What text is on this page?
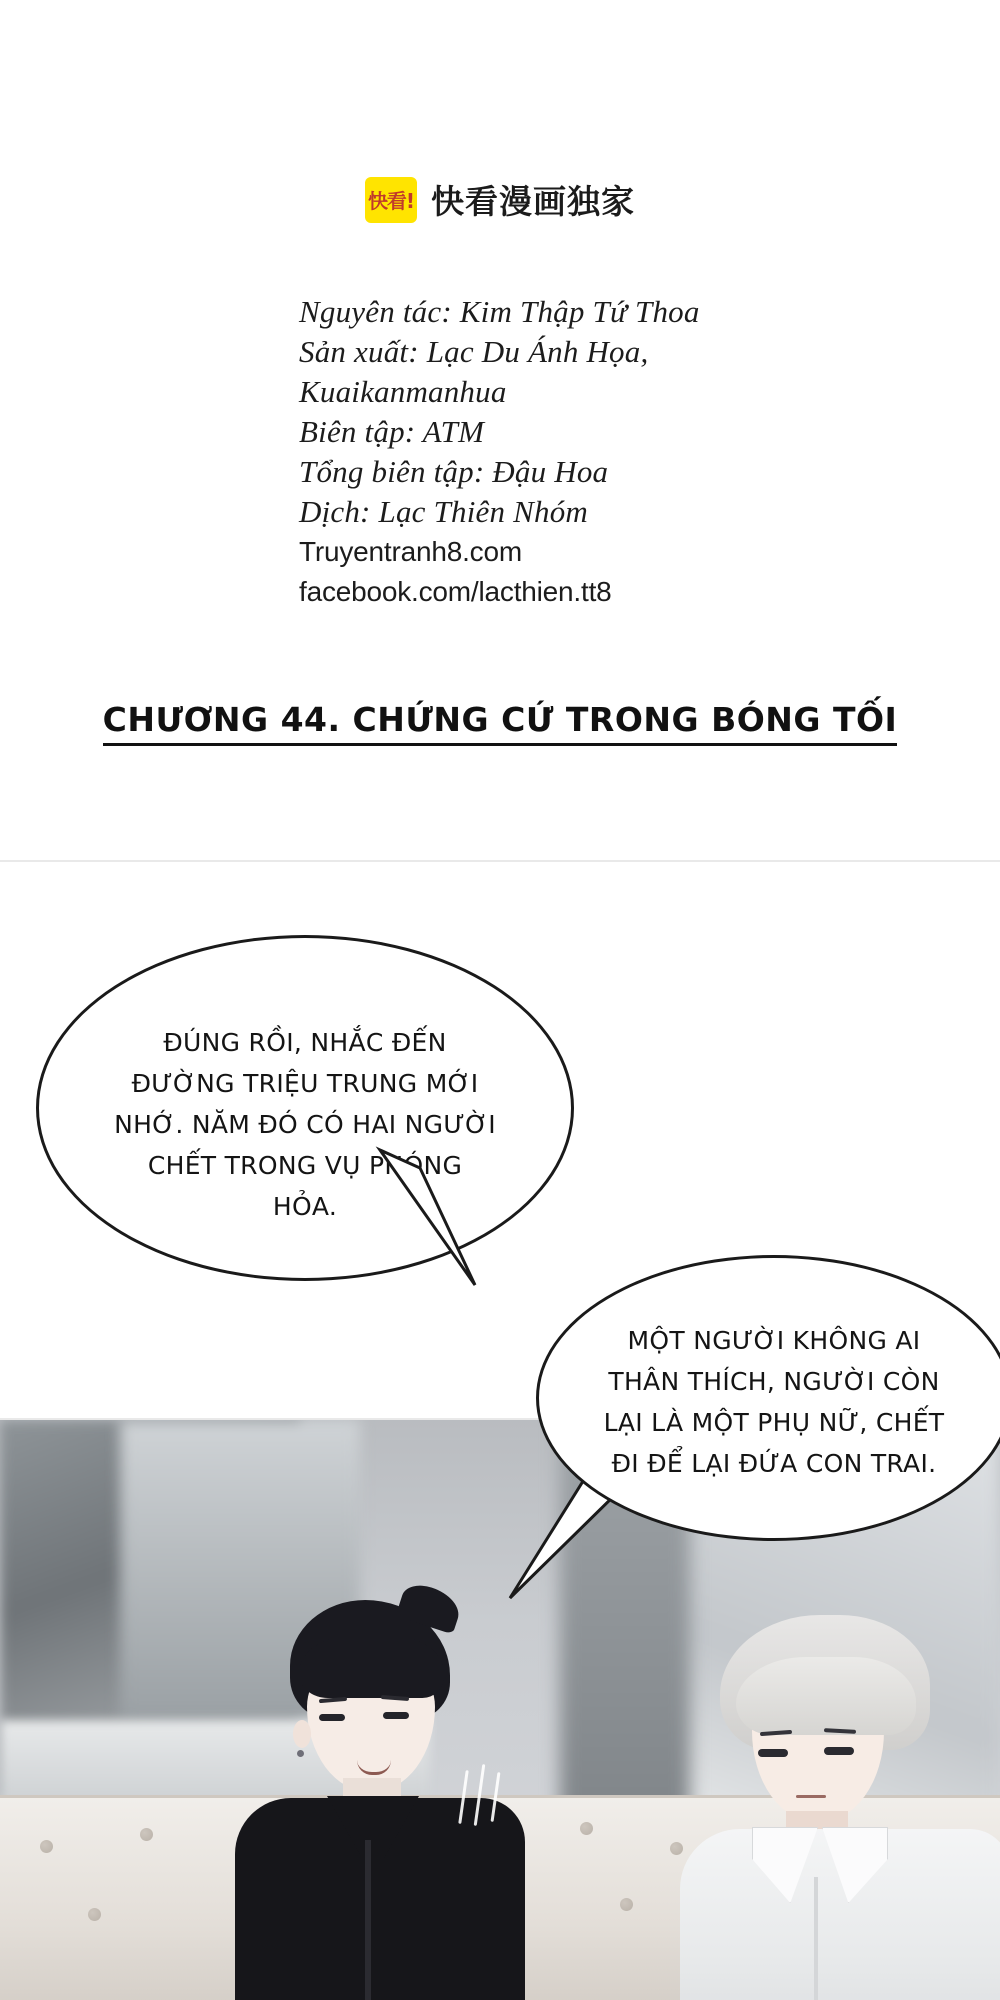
快看! 快看漫画独家
Nguyên tác: Kim Thập Tứ Thoa
Sản xuất: Lạc Du Ánh Họa,
Kuaikanmanhua
Biên tập: ATM
Tổng biên tập: Đậu Hoa
Dịch: Lạc Thiên Nhóm
Truyentranh8.com
facebook.com/lacthien.tt8
CHƯƠNG 44. CHỨNG CỨ TRONG BÓNG TỐI
ĐÚNG RỒI, NHẮC ĐẾN ĐƯỜNG TRIỆU TRUNG MỚI NHỚ. NĂM ĐÓ CÓ HAI NGƯỜI CHẾT TRONG VỤ PHÓNG HỎA.
MỘT NGƯỜI KHÔNG AI THÂN THÍCH, NGƯỜI CÒN LẠI LÀ MỘT PHỤ NỮ, CHẾT ĐI ĐỂ LẠI ĐỨA CON TRAI.
